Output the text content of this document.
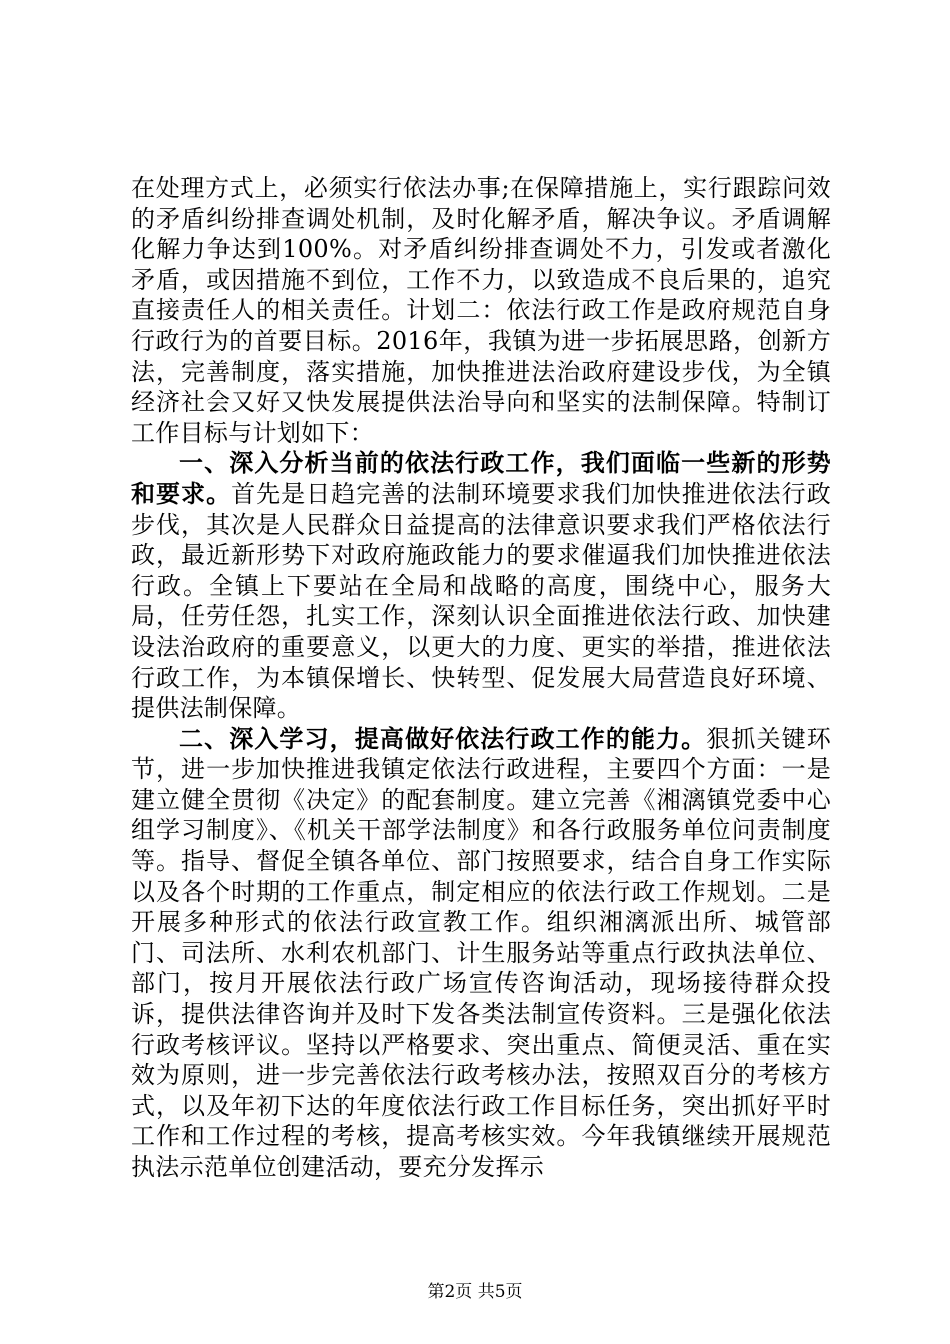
在处理方式上，必须实行依法办事;在保障措施上，实行跟踪问效的矛盾纠纷排查调处机制，及时化解矛盾，解决争议。矛盾调解化解力争达到100%。对矛盾纠纷排查调处不力，引发或者激化矛盾，或因措施不到位，工作不力，以致造成不良后果的，追究直接责任人的相关责任。计划二：依法行政工作是政府规范自身行政行为的首要目标。2016年，我镇为进一步拓展思路，创新方法，完善制度，落实措施，加快推进法治政府建设步伐，为全镇经济社会又好又快发展提供法治导向和坚实的法制保障。特制订工作目标与计划如下：

一、深入分析当前的依法行政工作，我们面临一些新的形势和要求。首先是日趋完善的法制环境要求我们加快推进依法行政步伐，其次是人民群众日益提高的法律意识要求我们严格依法行政，最近新形势下对政府施政能力的要求催逼我们加快推进依法行政。全镇上下要站在全局和战略的高度，围绕中心，服务大局，任劳任怨，扎实工作，深刻认识全面推进依法行政、加快建设法治政府的重要意义，以更大的力度、更实的举措，推进依法行政工作，为本镇保增长、快转型、促发展大局营造良好环境、提供法制保障。

二、深入学习，提高做好依法行政工作的能力。狠抓关键环节，进一步加快推进我镇定依法行政进程，主要四个方面：一是建立健全贯彻《决定》的配套制度。建立完善《湘漓镇党委中心组学习制度》、《机关干部学法制度》和各行政服务单位问责制度等。指导、督促全镇各单位、部门按照要求，结合自身工作实际以及各个时期的工作重点，制定相应的依法行政工作规划。二是开展多种形式的依法行政宣教工作。组织湘漓派出所、城管部门、司法所、水利农机部门、计生服务站等重点行政执法单位、部门，按月开展依法行政广场宣传咨询活动，现场接待群众投诉，提供法律咨询并及时下发各类法制宣传资料。三是强化依法行政考核评议。坚持以严格要求、突出重点、简便灵活、重在实效为原则，进一步完善依法行政考核办法，按照双百分的考核方式，以及年初下达的年度依法行政工作目标任务，突出抓好平时工作和工作过程的考核，提高考核实效。今年我镇继续开展规范执法示范单位创建活动，要充分发挥示

第2页 共5页
